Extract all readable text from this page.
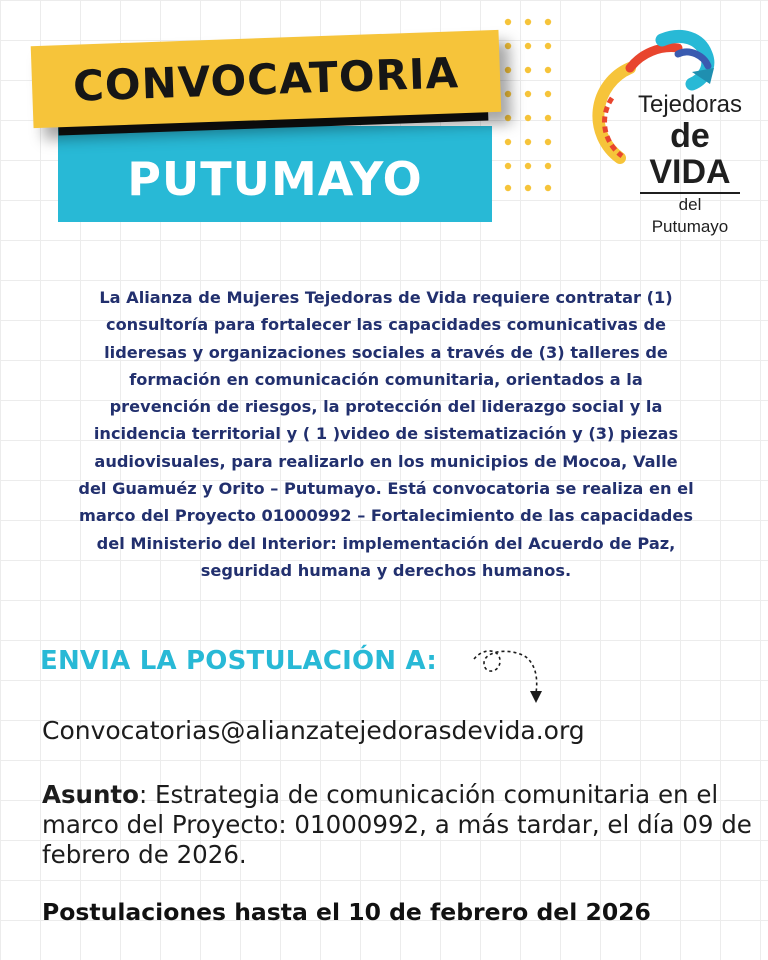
PUTUMAYO
CONVOCATORIA	Tejedoras
de VIDA
del Putumayo

La Alianza de Mujeres Tejedoras de Vida requiere contratar (1)
consultoría para fortalecer las capacidades comunicativas de
lideresas y organizaciones sociales a través de (3) talleres de
formación en comunicación comunitaria, orientados a la
prevención de riesgos, la protección del liderazgo social y la
incidencia territorial y ( 1 )video de sistematización y (3) piezas
audiovisuales, para realizarlo en los municipios de Mocoa, Valle
del Guamuéz y Orito – Putumayo. Está convocatoria se realiza en el
marco del Proyecto 01000992 – Fortalecimiento de las capacidades
del Ministerio del Interior: implementación del Acuerdo de Paz,
seguridad humana y derechos humanos.

ENVIA LA POSTULACIÓN A:
Convocatorias@alianzatejedorasdevida.org

Asunto: Estrategia de comunicación comunitaria en el marco del Proyecto: 01000992, a más tardar, el día 09 de febrero de 2026.

Postulaciones hasta el 10 de febrero del 2026
